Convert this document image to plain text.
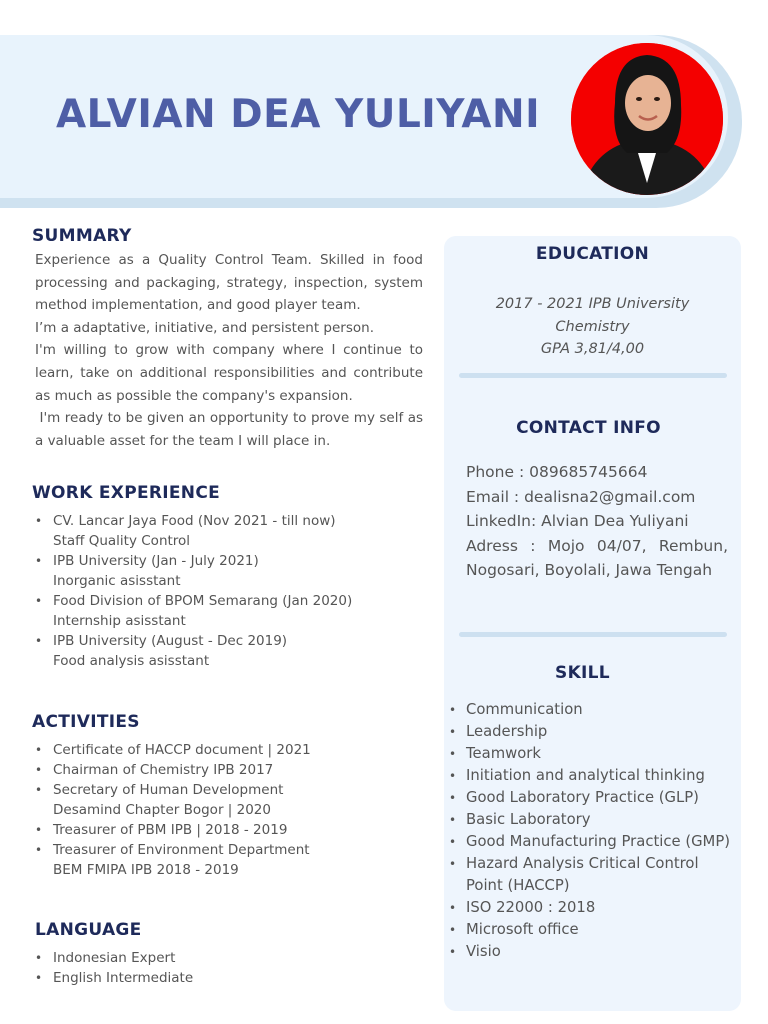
ALVIAN DEA YULIYANI
SUMMARY

Experience as a Quality Control Team. Skilled in food processing and packaging, strategy, inspection, system method implementation, and good player team.

I’m a adaptative, initiative, and persistent person.

I'm willing to grow with company where I continue to learn, take on additional responsibilities and contribute as much as possible the company's expansion.

I'm ready to be given an opportunity to prove my self as a valuable asset for the team I will place in.

WORK EXPERIENCE
• CV. Lancar Jaya Food (Nov 2021 - till now)
Staff Quality Control
• IPB University (Jan - July 2021)
Inorganic asisstant
• Food Division of BPOM Semarang (Jan 2020)
Internship asisstant
• IPB University (August - Dec 2019)
Food analysis asisstant
ACTIVITIES
• Certificate of HACCP document | 2021
• Chairman of Chemistry IPB 2017
• Secretary of Human Development
Desamind Chapter Bogor | 2020
• Treasurer of PBM IPB | 2018 - 2019
• Treasurer of Environment Department
BEM FMIPA IPB 2018 - 2019
LANGUAGE
• Indonesian Expert
• English Intermediate
EDUCATION
2017 - 2021 IPB University
Chemistry
GPA 3,81/4,00
CONTACT INFO
Phone : 089685745664
Email : dealisna2@gmail.com
LinkedIn: Alvian Dea Yuliyani
Adress : Mojo 04/07, Rembun, Nogosari, Boyolali, Jawa Tengah
SKILL
• Communication
• Leadership
• Teamwork
• Initiation and analytical thinking
• Good Laboratory Practice (GLP)
• Basic Laboratory
• Good Manufacturing Practice (GMP)
• Hazard Analysis Critical Control Point (HACCP)
• ISO 22000 : 2018
• Microsoft office
• Visio
